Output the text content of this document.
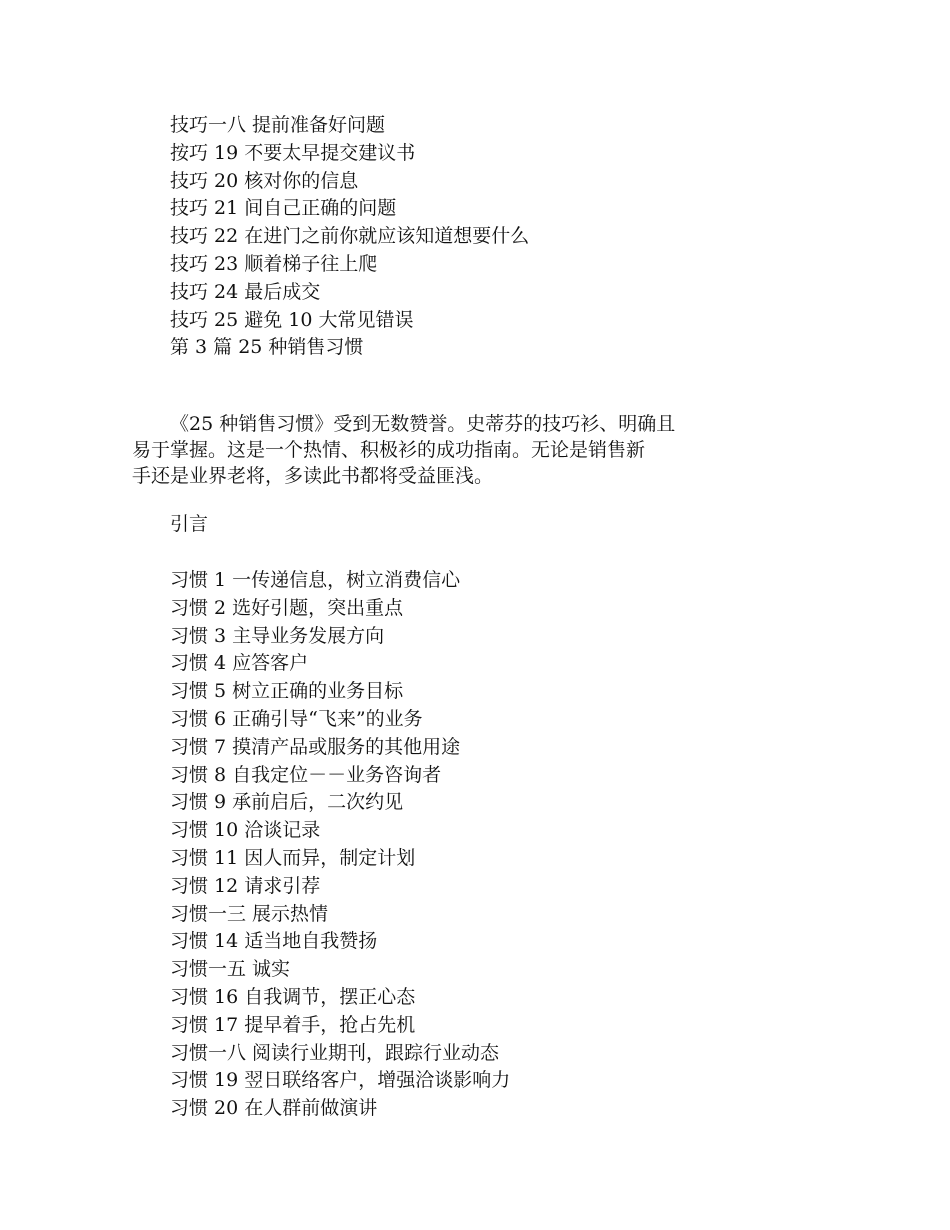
技巧一八 提前准备好问题
按巧 19 不要太早提交建议书
技巧 20 核对你的信息
技巧 21 间自己正确的问题
技巧 22 在进门之前你就应该知道想要什么
技巧 23 顺着梯子往上爬
技巧 24 最后成交
技巧 25 避免 10 大常见错误
第 3 篇 25 种销售习惯

《25 种销售习惯》受到无数赞誉。史蒂芬的技巧衫、明确且
易于掌握。这是一个热情、积极衫的成功指南。无论是销售新
手还是业界老将，多读此书都将受益匪浅。

引言
习惯 1 一传递信息，树立消费信心
习惯 2 选好引题，突出重点
习惯 3 主导业务发展方向
习惯 4 应答客户
习惯 5 树立正确的业务目标
习惯 6 正确引导“飞来”的业务
习惯 7 摸清产品或服务的其他用途
习惯 8 自我定位－－业务咨询者
习惯 9 承前启后，二次约见
习惯 10 洽谈记录
习惯 11 因人而异，制定计划
习惯 12 请求引荐
习惯一三 展示热情
习惯 14 适当地自我赞扬
习惯一五 诚实
习惯 16 自我调节，摆正心态
习惯 17 提早着手，抢占先机
习惯一八 阅读行业期刊，跟踪行业动态
习惯 19 翌日联络客户，增强洽谈影响力
习惯 20 在人群前做演讲
